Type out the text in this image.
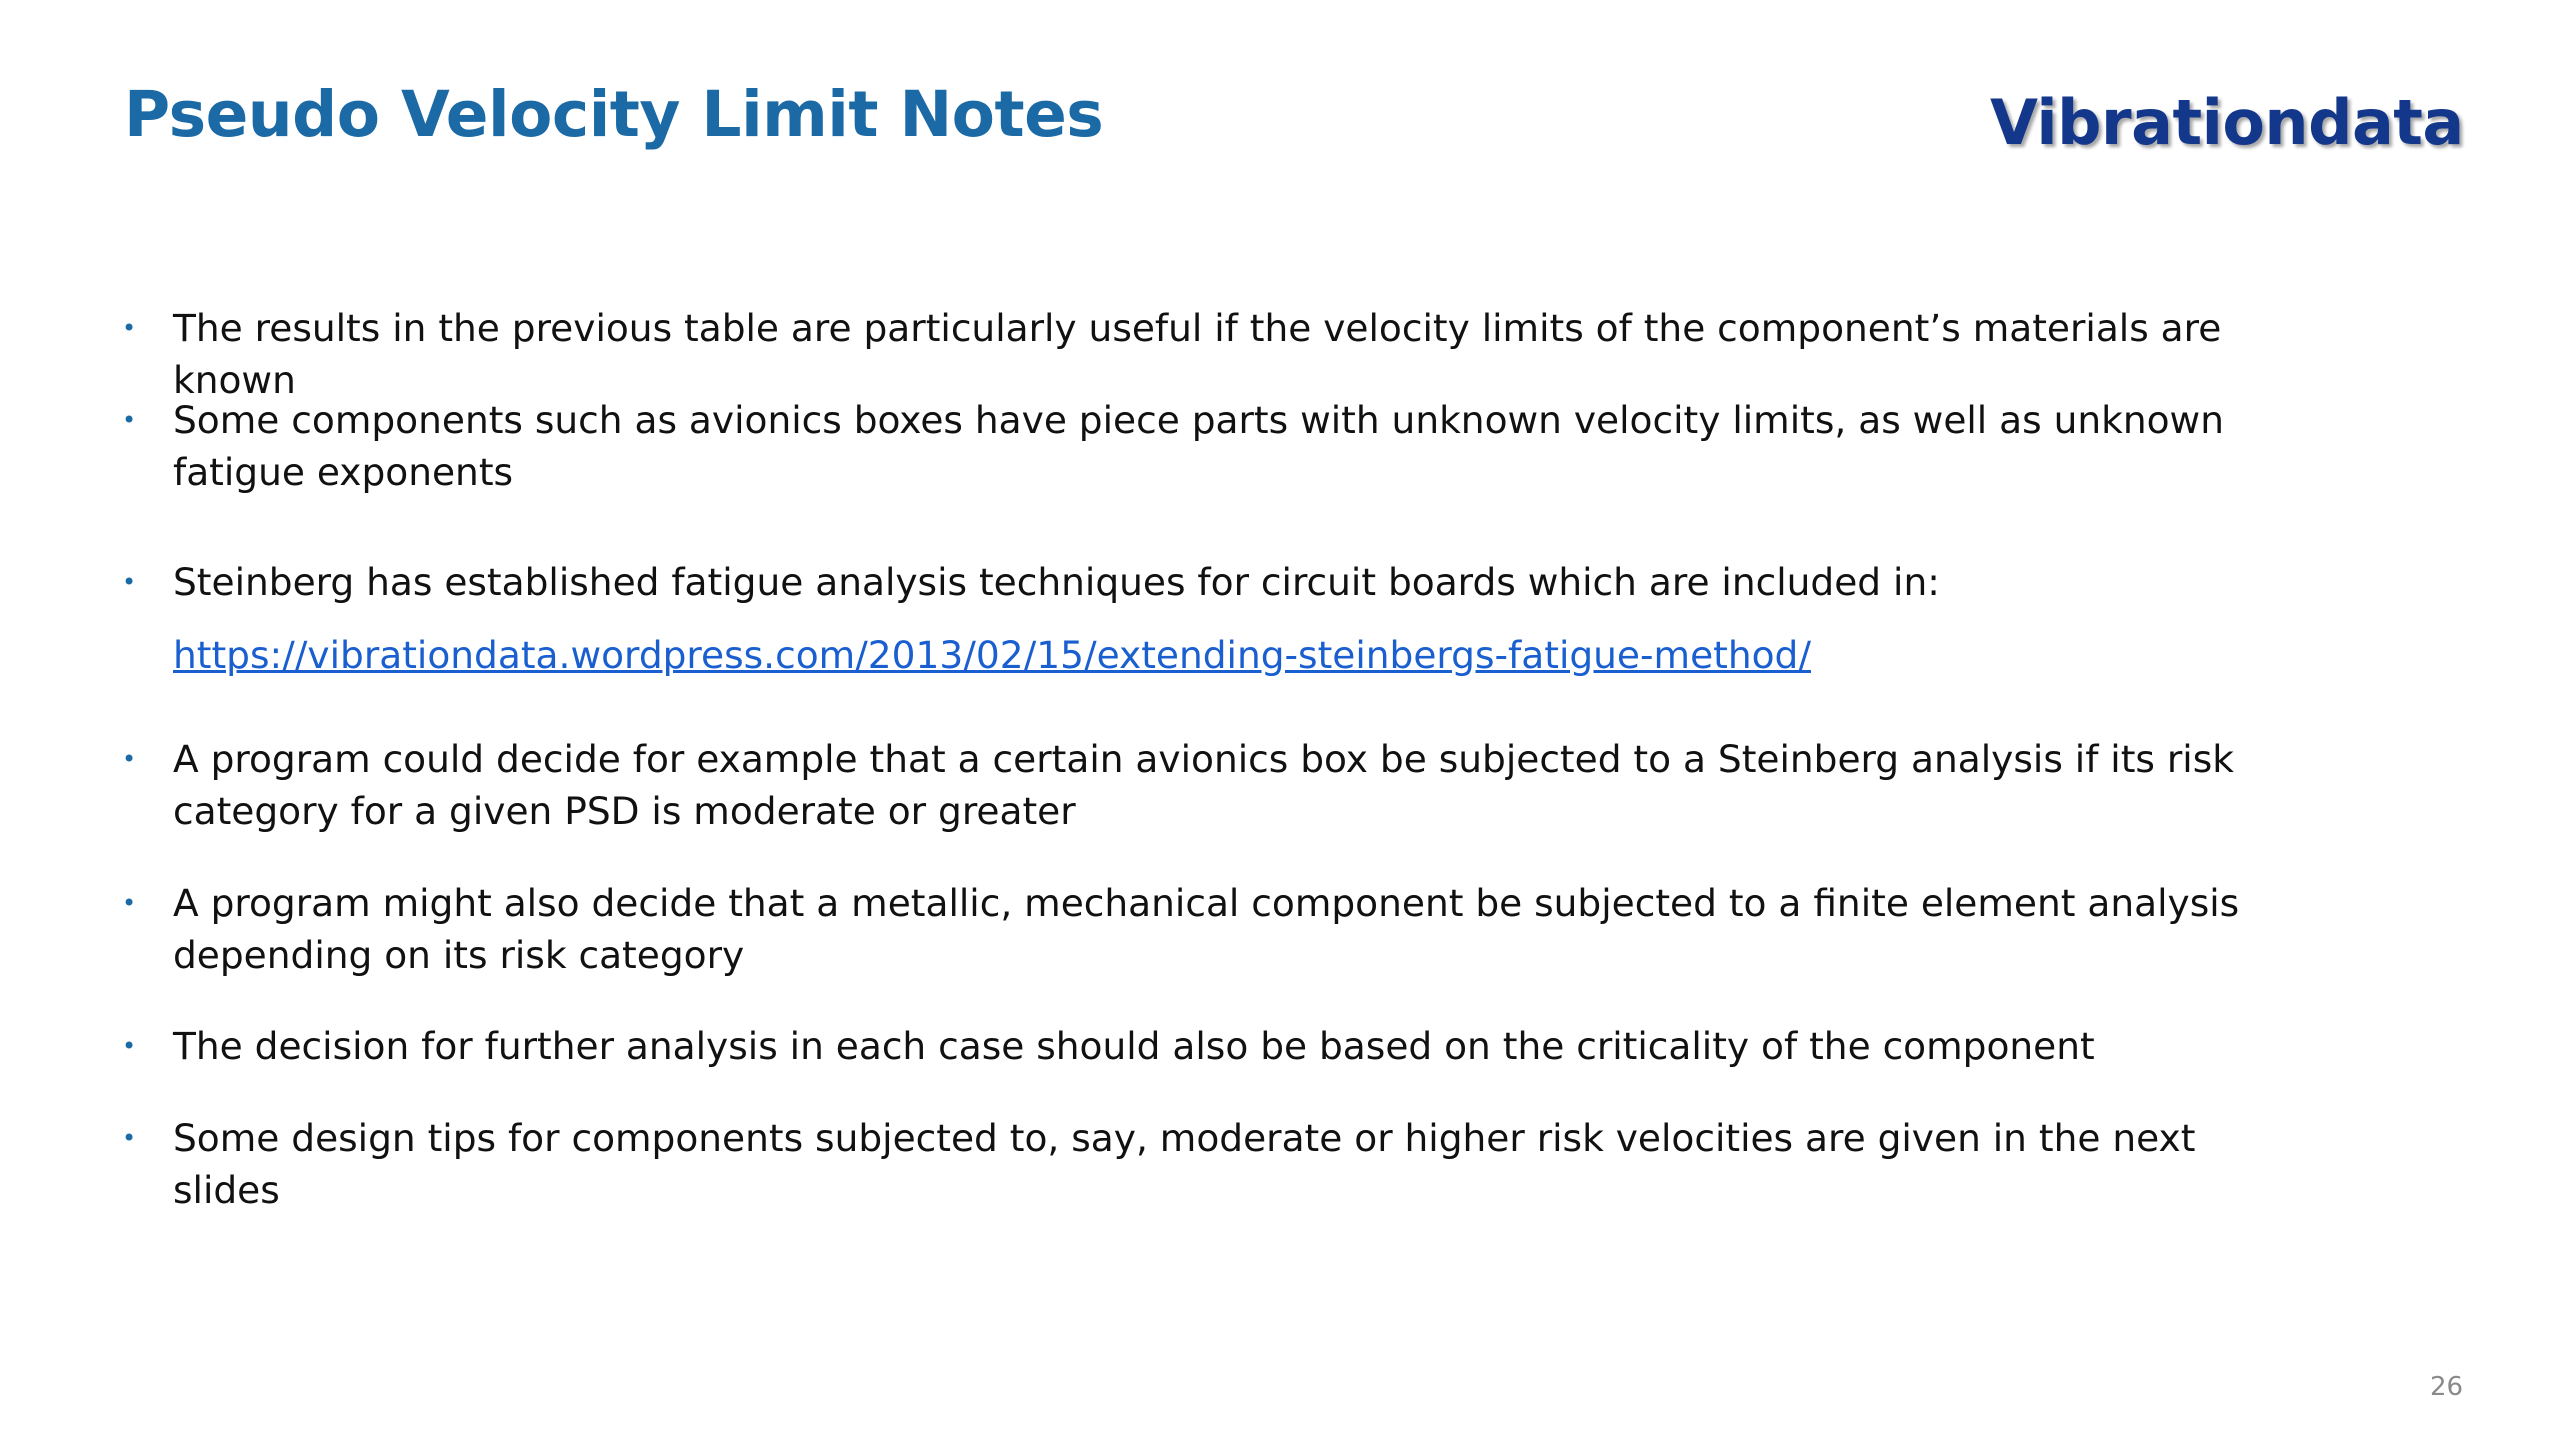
Pseudo Velocity Limit Notes	Vibrationdata
• The results in the previous table are particularly useful if the velocity limits of the component’s materials are known
• Some components such as avionics boxes have piece parts with unknown velocity limits, as well as unknown fatigue exponents
• Steinberg has established fatigue analysis techniques for circuit boards which are included in:
https://vibrationdata.wordpress.com/2013/02/15/extending-steinbergs-fatigue-method/
• A program could decide for example that a certain avionics box be subjected to a Steinberg analysis if its risk category for a given PSD is moderate or greater
• A program might also decide that a metallic, mechanical component be subjected to a finite element analysis depending on its risk category
• The decision for further analysis in each case should also be based on the criticality of the component
• Some design tips for components subjected to, say, moderate or higher risk velocities are given in the next slides
26
